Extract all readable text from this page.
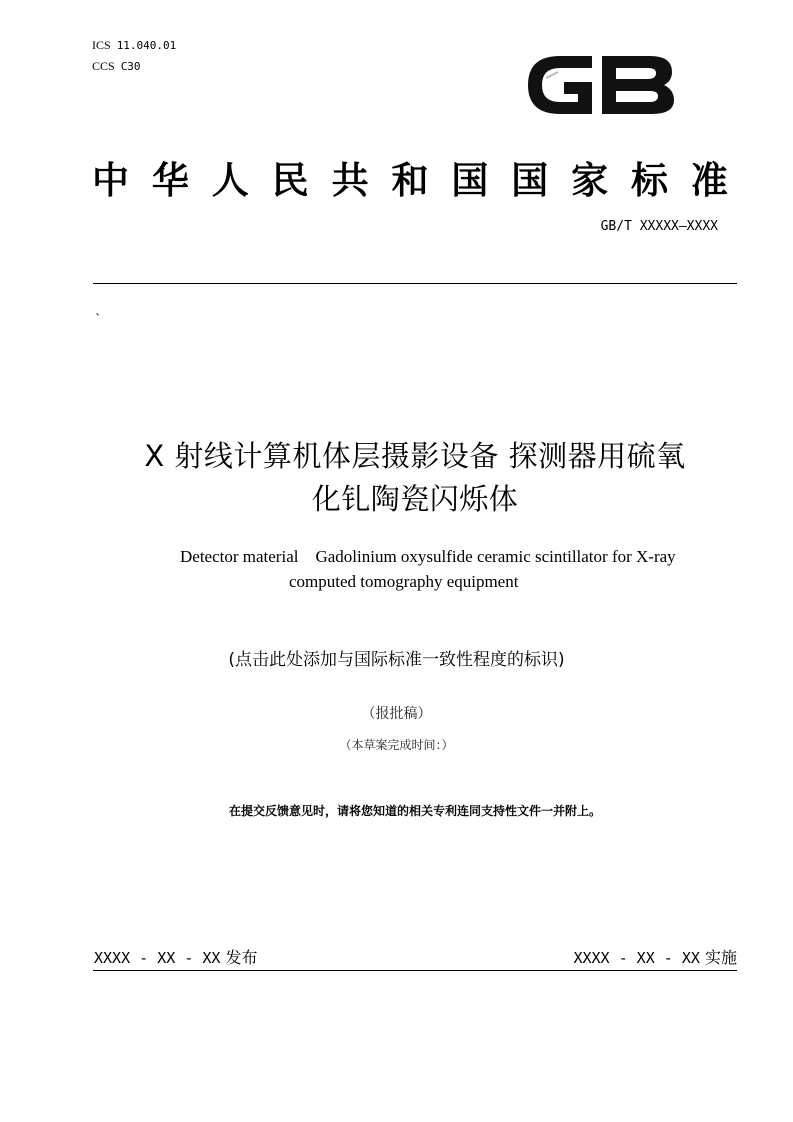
ICS 11.040.01
CCS C30
中 华 人 民 共 和 国 国 家 标 准
GB/T XXXXX—XXXX
`
X 射线计算机体层摄影设备 探测器用硫氧
化钆陶瓷闪烁体
Detector material    Gadolinium oxysulfide ceramic scintillator for X-ray
computed tomography equipment
(点击此处添加与国际标准一致性程度的标识)
（报批稿）
（本草案完成时间：）
在提交反馈意见时，请将您知道的相关专利连同支持性文件一并附上。
XXXX - XX - XX 发布	XXXX - XX - XX 实施
